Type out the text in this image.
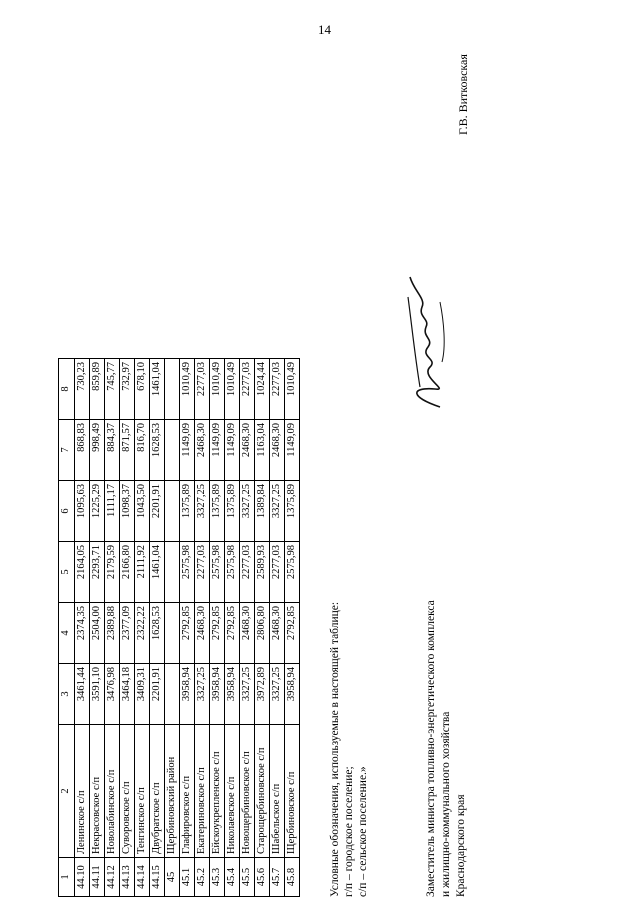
14
1	2	3	4	5	6	7	8
44.10	Ленинское с/п	3461,44	2374,35	2164,05	1095,63	868,83	730,23
44.11	Некрасовское с/п	3591,10	2504,00	2293,71	1225,29	998,49	859,89
44.12	Новолабинское с/п	3476,98	2389,88	2179,59	1111,17	884,37	745,77
44.13	Суворовское с/п	3464,18	2377,09	2166,80	1098,37	871,57	732,97
44.14	Тенгинское с/п	3409,31	2322,22	2111,92	1043,50	816,70	678,10
44.15	Двубратское с/п	2201,91	1628,53	1461,04	2201,91	1628,53	1461,04
45	Щербиновский район						
45.1	Глафировское с/п	3958,94	2792,85	2575,98	1375,89	1149,09	1010,49
45.2	Екатериновское с/п	3327,25	2468,30	2277,03	3327,25	2468,30	2277,03
45.3	Ейскоукрепленское с/п	3958,94	2792,85	2575,98	1375,89	1149,09	1010,49
45.4	Николаевское с/п	3958,94	2792,85	2575,98	1375,89	1149,09	1010,49
45.5	Новощербиновское с/п	3327,25	2468,30	2277,03	3327,25	2468,30	2277,03
45.6	Старощербиновское с/п	3972,89	2806,80	2589,93	1389,84	1163,04	1024,44
45.7	Шабельское с/п	3327,25	2468,30	2277,03	3327,25	2468,30	2277,03
45.8	Щербиновское с/п	3958,94	2792,85	2575,98	1375,89	1149,09	1010,49
Условные обозначения, используемые в настоящей таблице: г/п – городское поселение; с/п – сельское поселение.»	Заместитель министра топливно-энергетического комплекса и жилищно-коммунального хозяйства Краснодарского края
Г.В. Витковская
